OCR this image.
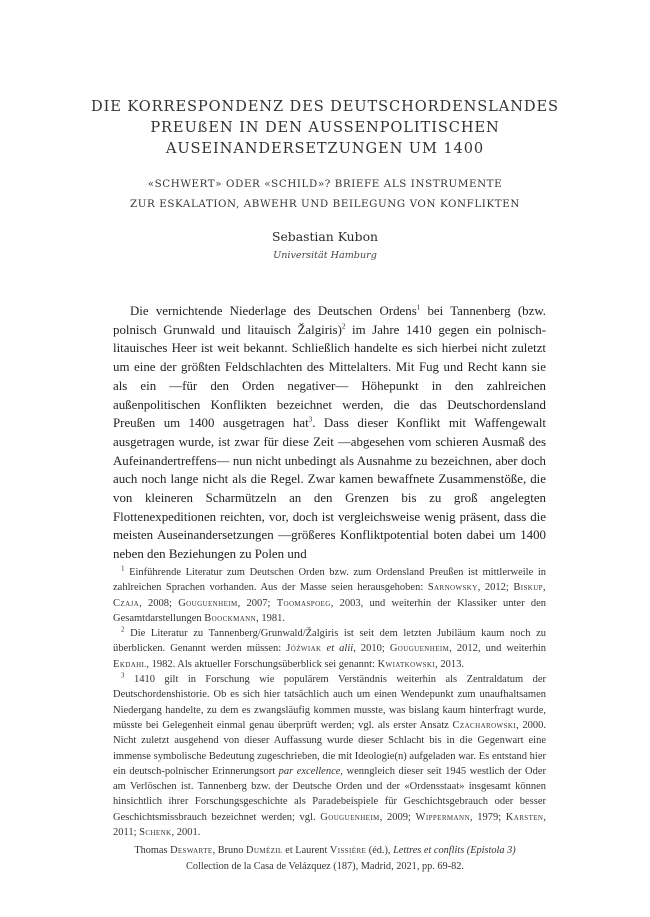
DIE KORRESPONDENZ DES DEUTSCHORDENSLANDES
PREUßEN IN DEN AUSSENPOLITISCHEN
AUSEINANDERSETZUNGEN UM 1400
«SCHWERT» ODER «SCHILD»? BRIEFE ALS INSTRUMENTE
ZUR ESKALATION, ABWEHR UND BEILEGUNG VON KONFLIKTEN
Sebastian Kubon
Universität Hamburg

Die vernichtende Niederlage des Deutschen Ordens$^1$ bei Tannenberg (bzw. polnisch Grunwald und litauisch Žalgiris)$^2$ im Jahre 1410 gegen ein polnisch-litauisches Heer ist weit bekannt. Schließlich handelte es sich hierbei nicht zuletzt um eine der größten Feldschlachten des Mittelalters. Mit Fug und Recht kann sie als ein —für den Orden negativer— Höhepunkt in den zahlreichen außenpolitischen Konflikten bezeichnet werden, die das Deutschordensland Preußen um 1400 ausgetragen hat$^3$. Dass dieser Konflikt mit Waffengewalt ausgetragen wurde, ist zwar für diese Zeit —abgesehen vom schieren Ausmaß des Aufeinandertreffens— nun nicht unbedingt als Ausnahme zu bezeichnen, aber doch auch noch lange nicht als die Regel. Zwar kamen bewaffnete Zusammenstöße, die von kleineren Scharmützeln an den Grenzen bis zu groß angelegten Flottenexpeditionen reichten, vor, doch ist vergleichsweise wenig präsent, dass die meisten Auseinandersetzungen —größeres Konfliktpotential boten dabei um 1400 neben den Beziehungen zu Polen und

$^1$ Einführende Literatur zum Deutschen Orden bzw. zum Ordensland Preußen ist mittlerweile in zahlreichen Sprachen vorhanden. Aus der Masse seien herausgehoben: Sarnowsky, 2012; Biskup, Czaja, 2008; Gouguenheim, 2007; Toomaspoeg, 2003, und weiterhin der Klassiker unter den Gesamtdarstellungen Boockmann, 1981.

$^2$ Die Literatur zu Tannenberg/Grunwald/Žalgiris ist seit dem letzten Jubiläum kaum noch zu überblicken. Genannt werden müssen: Jóźwiak et alii, 2010; Gouguenheim, 2012, und weiterhin Ekdahl, 1982. Als aktueller Forschungsüberblick sei genannt: Kwiatkowski, 2013.

$^3$ 1410 gilt in Forschung wie populärem Verständnis weiterhin als Zentraldatum der Deutschordenshistorie. Ob es sich hier tatsächlich auch um einen Wendepunkt zum unaufhaltsamen Niedergang handelte, zu dem es zwangsläufig kommen musste, was bislang kaum hinterfragt wurde, müsste bei Gelegenheit einmal genau überprüft werden; vgl. als erster Ansatz Czacharowski, 2000. Nicht zuletzt ausgehend von dieser Auffassung wurde dieser Schlacht bis in die Gegenwart eine immense symbolische Bedeutung zugeschrieben, die mit Ideologie(n) aufgeladen war. Es entstand hier ein deutsch-polnischer Erinnerungsort par excellence, wenngleich dieser seit 1945 westlich der Oder am Verlöschen ist. Tannenberg bzw. der Deutsche Orden und der «Ordensstaat» insgesamt können hinsichtlich ihrer Forschungsgeschichte als Paradebeispiele für Geschichtsgebrauch oder besser Geschichtsmissbrauch bezeichnet werden; vgl. Gouguenheim, 2009; Wippermann, 1979; Karsten, 2011; Schenk, 2001.

Thomas Deswarte, Bruno Dumézil et Laurent Vissière (éd.), Lettres et conflits (Epistola 3)
Collection de la Casa de Velázquez (187), Madrid, 2021, pp. 69-82.
